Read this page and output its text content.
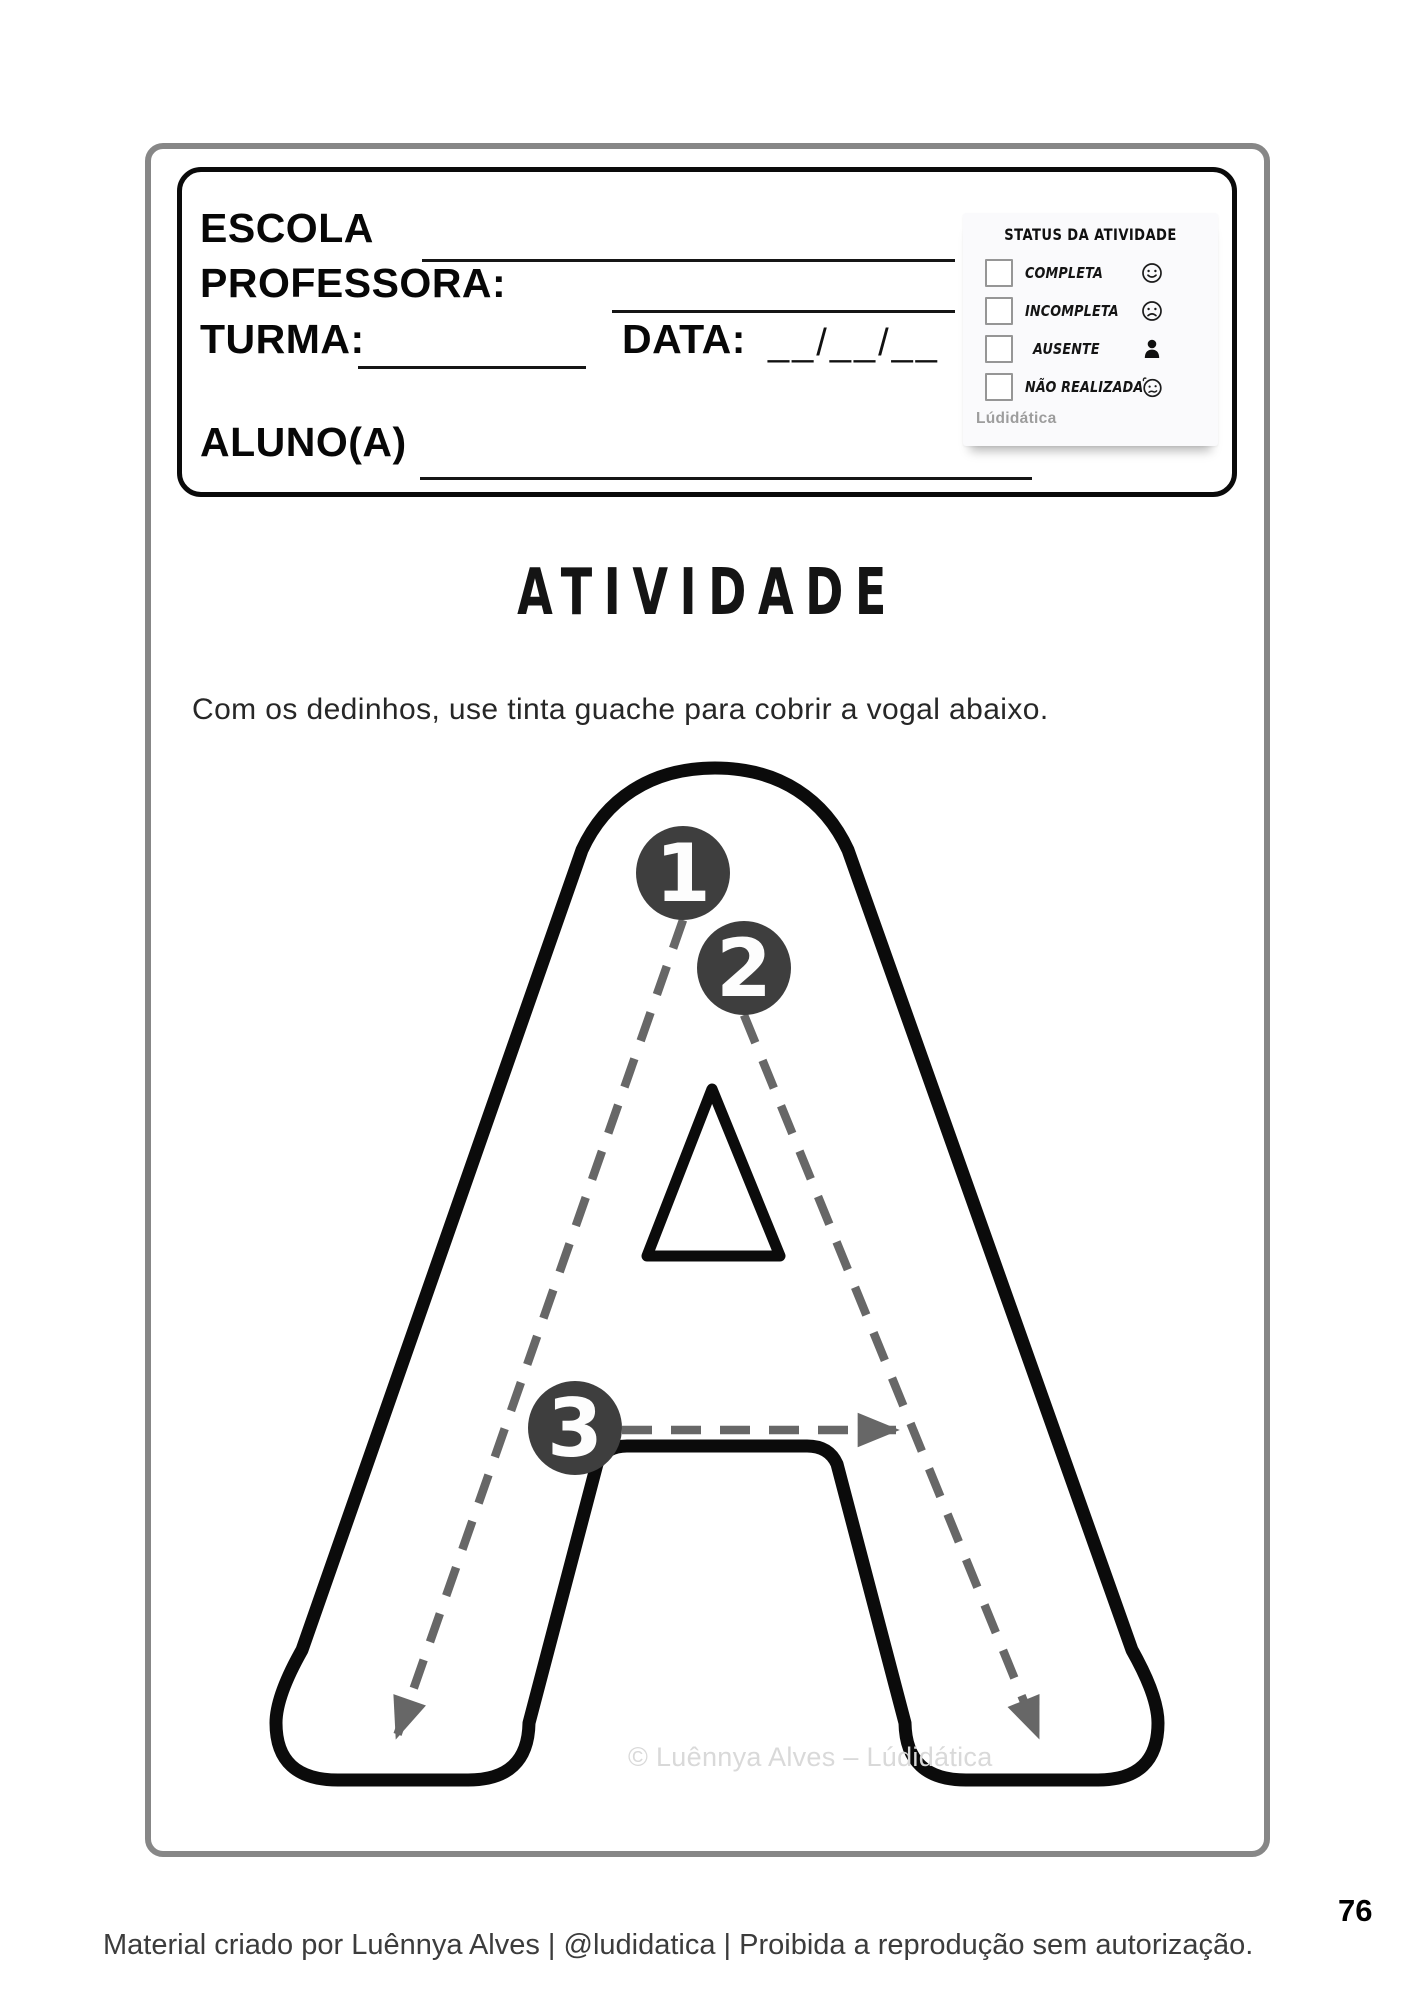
ESCOLA
PROFESSORA:
TURMA:	DATA: __/__/__
ALUNO(A)
STATUS DA ATIVIDADE
COMPLETA
INCOMPLETA
AUSENTE
NÃO REALIZADA
Lúdidática
ATIVIDADE
Com os dedinhos, use tinta guache para cobrir a vogal abaixo.
1
2
3
© Luênnya Alves – Lúdidática
Material criado por Luênnya Alves | @ludidatica | Proibida a reprodução sem autorização.
76
